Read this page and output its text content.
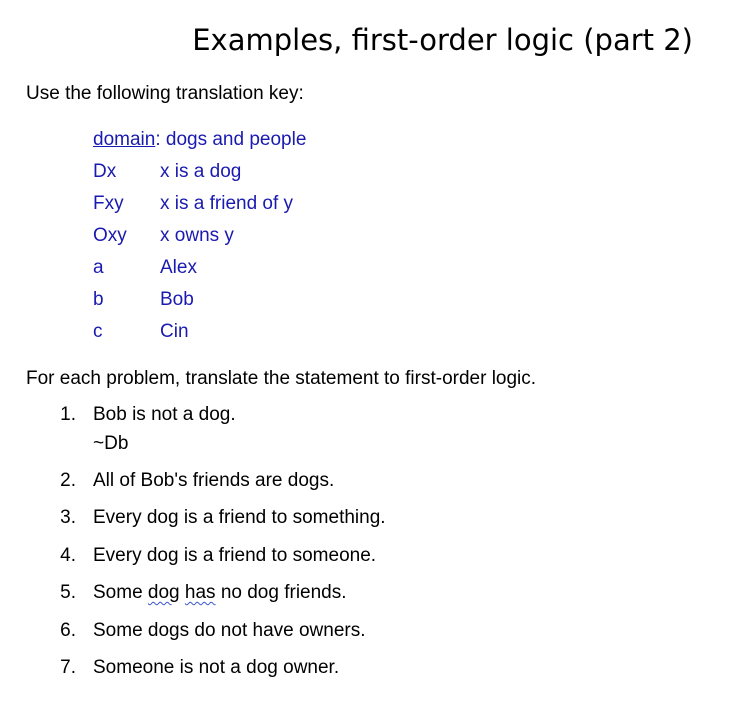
Examples, first-order logic (part 2)
Use the following translation key:
domain: dogs and people
Dx	x is a dog
Fxy	x is a friend of y
Oxy	x owns y
a	Alex
b	Bob
c	Cin
For each problem, translate the statement to first-order logic.
1. Bob is not a dog.
~Db
2. All of Bob's friends are dogs.
3. Every dog is a friend to something.
4. Every dog is a friend to someone.
5. Some dog has no dog friends.
6. Some dogs do not have owners.
7. Someone is not a dog owner.
